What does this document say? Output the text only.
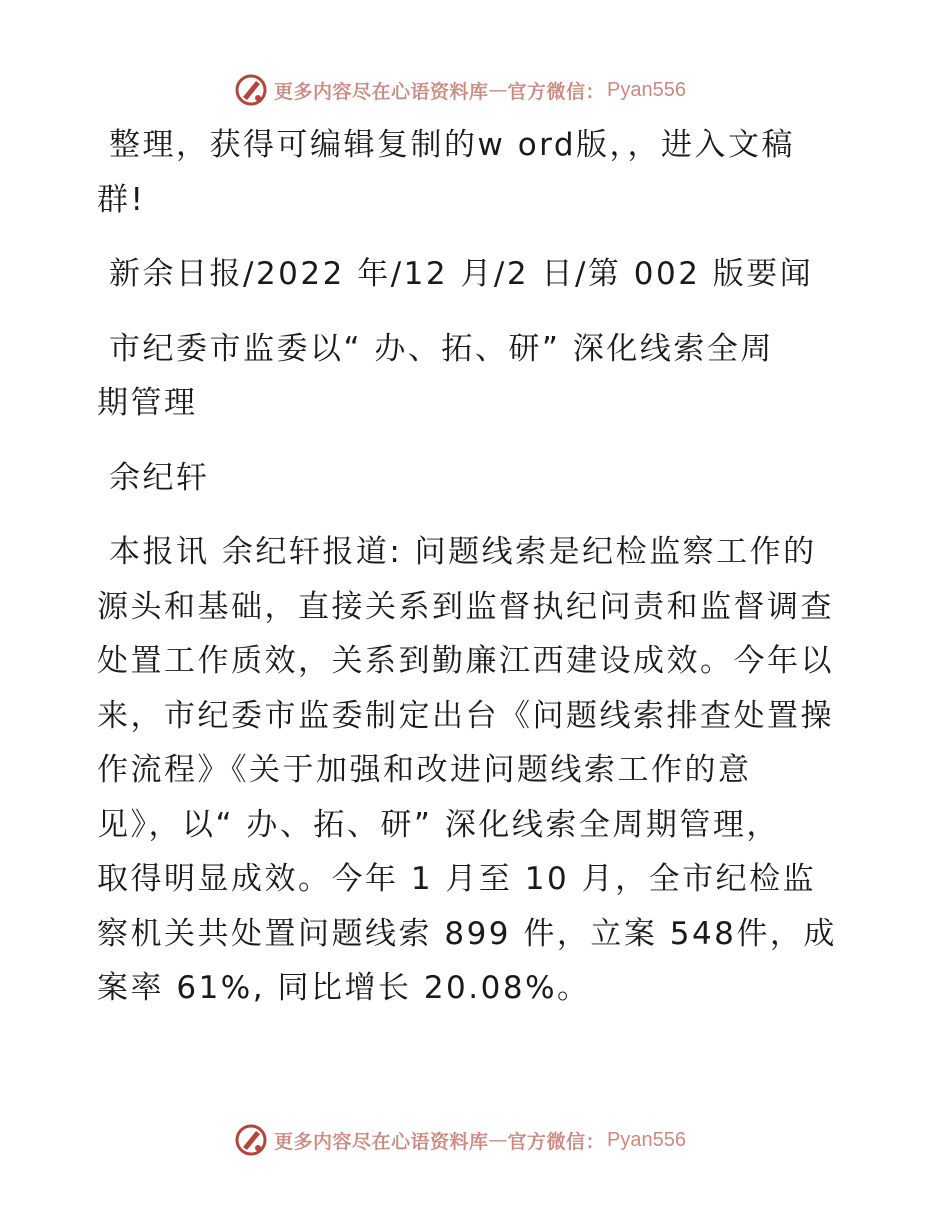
更多内容尽在心语资料库 — 官方微信： Pyan556

整理，获得可编辑复制的w ord版，，进入文稿

群!

新余日报/2022 年/12 月/2 日/第 002 版要闻

市纪委市监委以“ 办、拓、研” 深化线索全周

期管理

余纪轩

本报讯 余纪轩报道: 问题线索是纪检监察工作的

源头和基础，直接关系到监督执纪问责和监督调查

处置工作质效，关系到勤廉江西建设成效。今年以

来，市纪委市监委制定出台《问题线索排查处置操

作流程》《关于加强和改进问题线索工作的意

见》，以“ 办、拓、研” 深化线索全周期管理，

取得明显成效。今年 1 月至 10 月，全市纪检监

察机关共处置问题线索 899 件，立案 548件，成

案率 61%, 同比增长 20.08%。

更多内容尽在心语资料库 — 官方微信： Pyan556
